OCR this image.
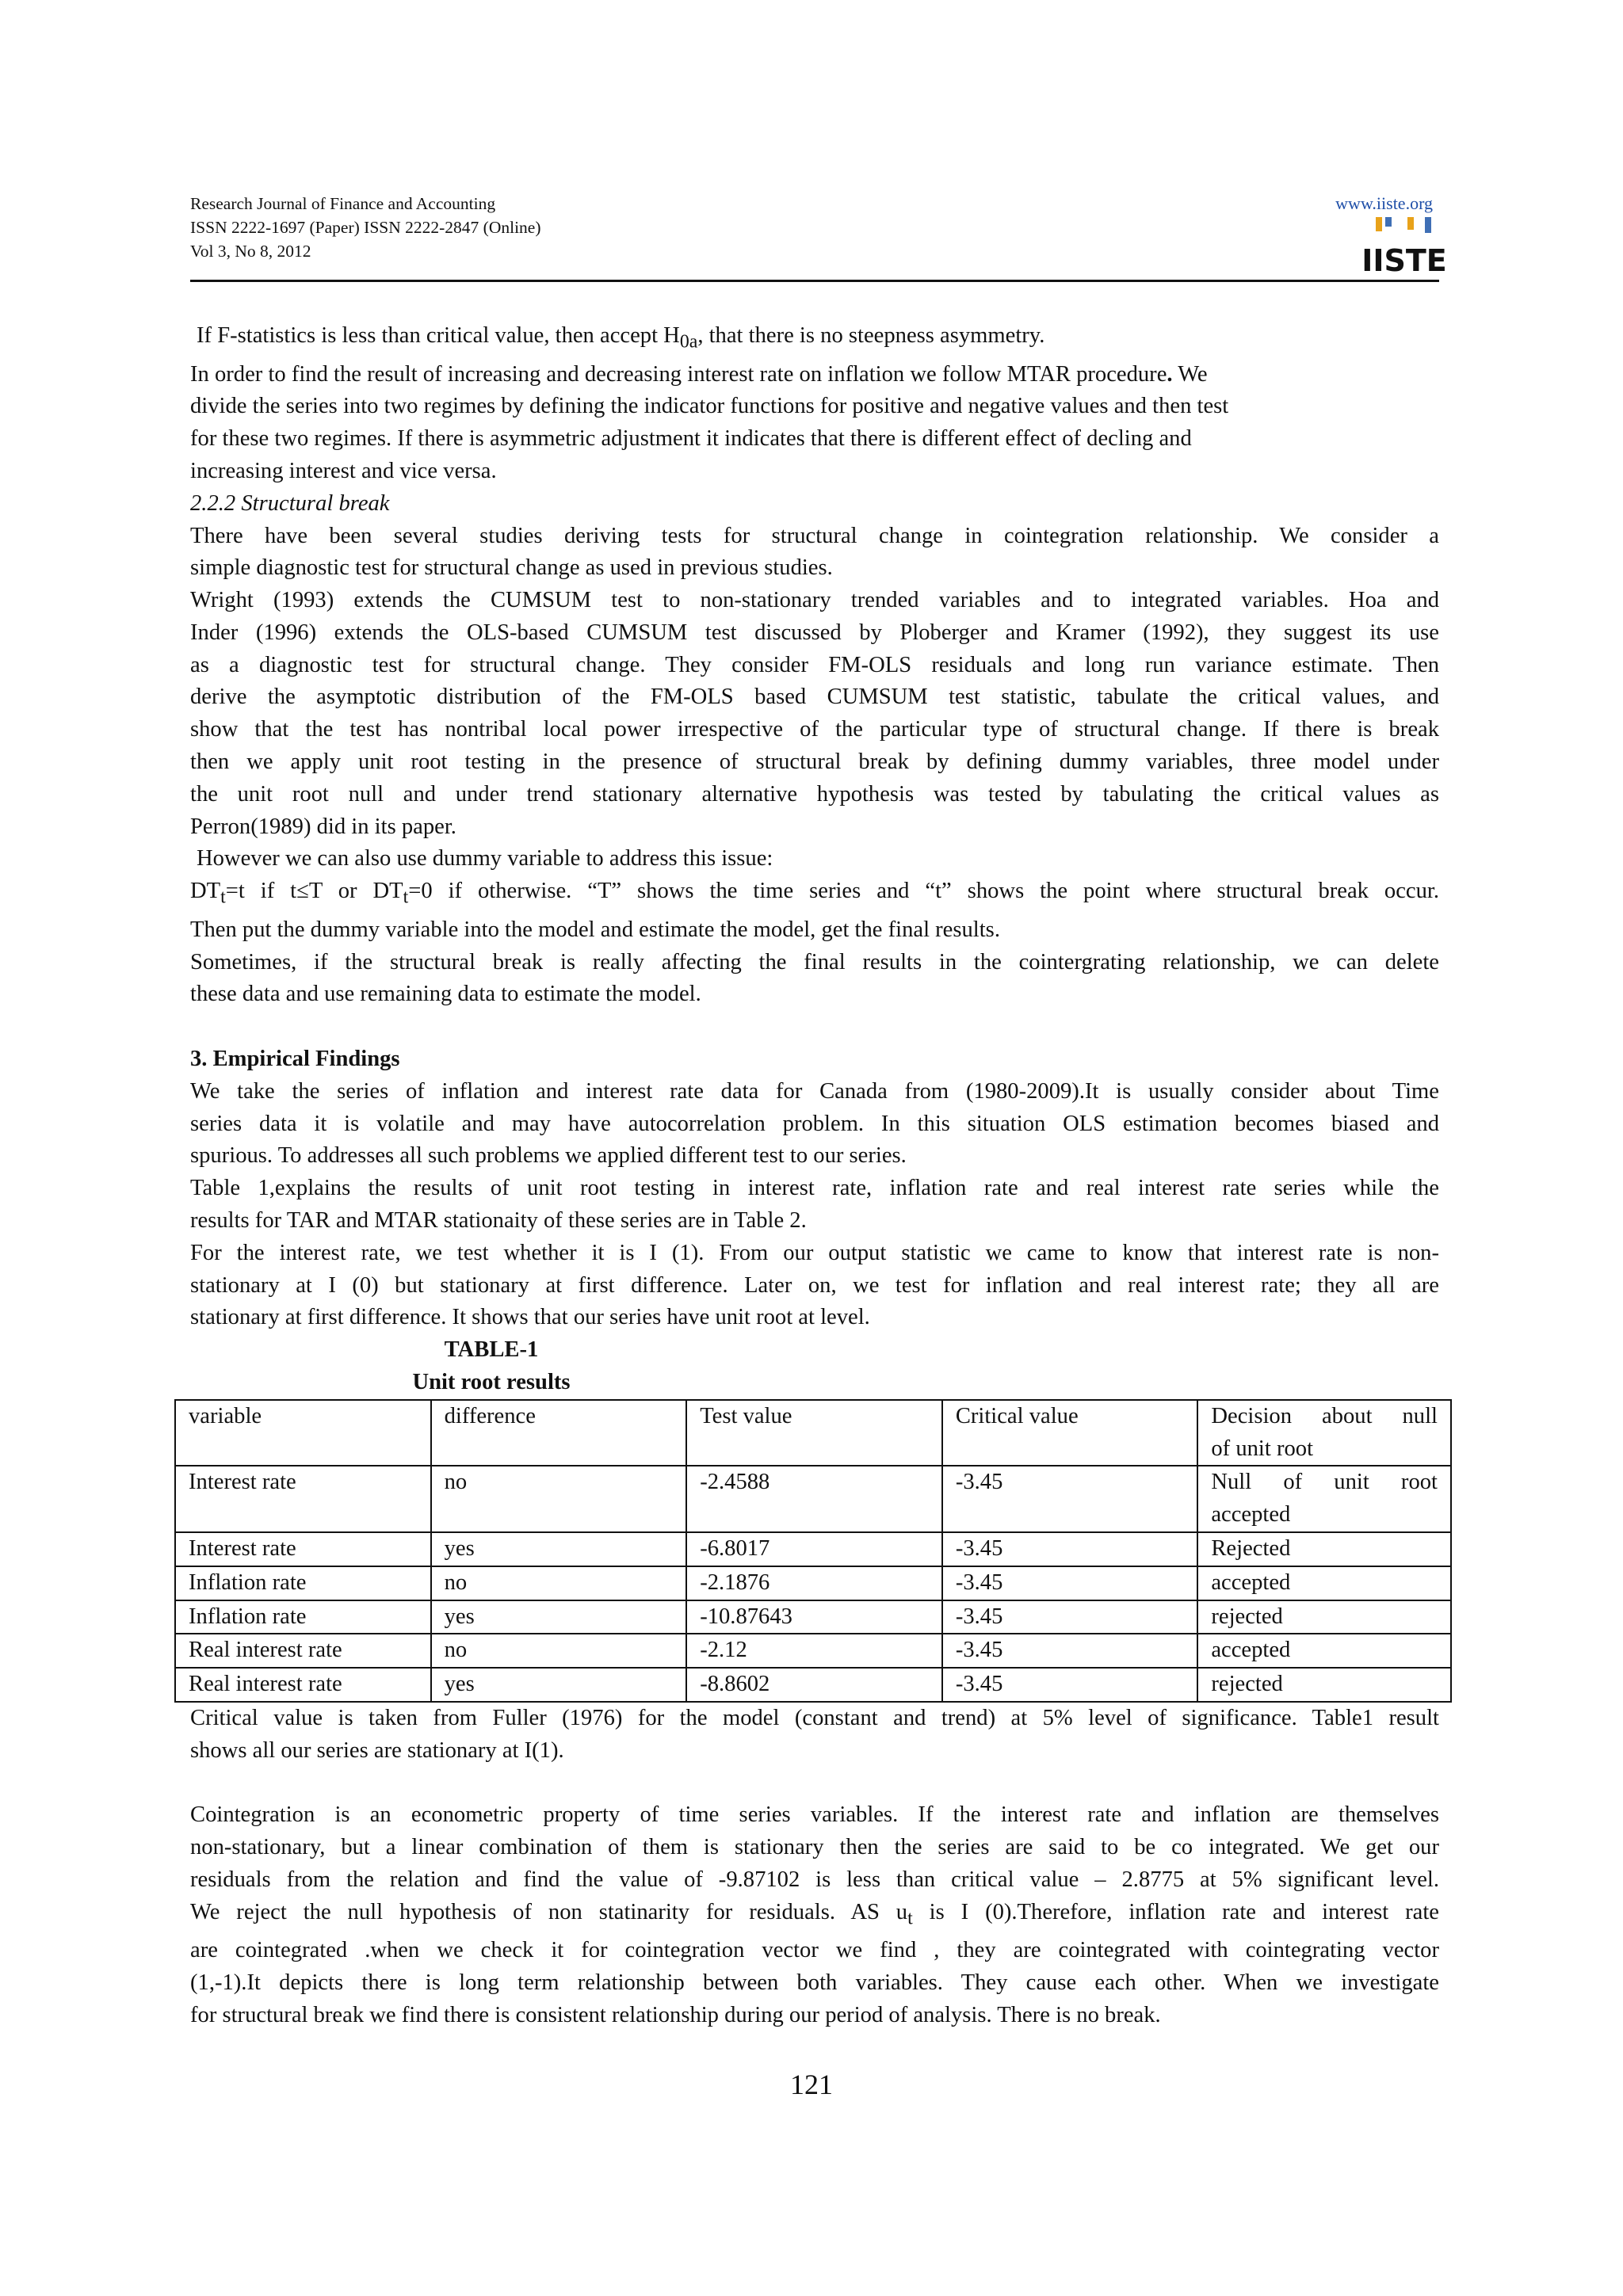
Research Journal of Finance and Accounting
ISSN 2222-1697 (Paper) ISSN 2222-2847 (Online)
Vol 3, No 8, 2012
www.iiste.org
IISTE

If F-statistics is less than critical value, then accept $H_{0a}$, that there is no steepness asymmetry.

In order to find the result of increasing and decreasing interest rate on inflation we follow MTAR procedure. We
divide the series into two regimes by defining the indicator functions for positive and negative values and then test
for these two regimes. If there is asymmetric adjustment it indicates that there is different effect of decling and
increasing interest and vice versa.

2.2.2 Structural break

There have been several studies deriving tests for structural change in cointegration relationship. We consider a

simple diagnostic test for structural change as used in previous studies.

Wright (1993) extends the CUMSUM test to non-stationary trended variables and to integrated variables. Hoa and

Inder (1996) extends the OLS-based CUMSUM test discussed by Ploberger and Kramer (1992), they suggest its use

as a diagnostic test for structural change. They consider FM-OLS residuals and long run variance estimate. Then

derive the asymptotic distribution of the FM-OLS based CUMSUM test statistic, tabulate the critical values, and

show that the test has nontribal local power irrespective of the particular type of structural change. If there is break

then we apply unit root testing in the presence of structural break by defining dummy variables, three model under

the unit root null and under trend stationary alternative hypothesis was tested by tabulating the critical values as

Perron(1989) did in its paper.

However we can also use dummy variable to address this issue:

$DT_t=t$ if t≤T or $DT_t=0$ if otherwise. “T” shows the time series and “t” shows the point where structural break occur.

Then put the dummy variable into the model and estimate the model, get the final results.

Sometimes, if the structural break is really affecting the final results in the cointergrating relationship, we can delete

these data and use remaining data to estimate the model.

3. Empirical Findings

We take the series of inflation and interest rate data for Canada from (1980-2009).It is usually consider about Time

series data it is volatile and may have autocorrelation problem. In this situation OLS estimation becomes biased and

spurious. To addresses all such problems we applied different test to our series.

Table 1,explains the results of unit root testing in interest rate, inflation rate and real interest rate series while the

results for TAR and MTAR stationaity of these series are in Table 2.

For the interest rate, we test whether it is I (1). From our output statistic we came to know that interest rate is non-

stationary at I (0) but stationary at first difference. Later on, we test for inflation and real interest rate; they all are

stationary at first difference. It shows that our series have unit root at level.

TABLE-1
Unit root results
variable	difference	Test value	Critical value	Decision about null
of unit root

Interest rate	no	-2.4588	-3.45	Null of unit root
accepted

Interest rate	yes	-6.8017	-3.45	Rejected
Inflation rate	no	-2.1876	-3.45	accepted
Inflation rate	yes	-10.87643	-3.45	rejected
Real interest rate	no	-2.12	-3.45	accepted
Real interest rate	yes	-8.8602	-3.45	rejected

Critical value is taken from Fuller (1976) for the model (constant and trend) at 5% level of significance. Table1 result

shows all our series are stationary at I(1).

Cointegration is an econometric property of time series variables. If the interest rate and inflation are themselves

non-stationary, but a linear combination of them is stationary then the series are said to be co integrated. We get our

residuals from the relation and find the value of -9.87102 is less than critical value – 2.8775 at 5% significant level.

We reject the null hypothesis of non statinarity for residuals. AS $u_t$ is I (0).Therefore, inflation rate and interest rate

are cointegrated .when we check it for cointegration vector we find , they are cointegrated with cointegrating vector

(1,-1).It depicts there is long term relationship between both variables. They cause each other. When we investigate

for structural break we find there is consistent relationship during our period of analysis. There is no break.

121
